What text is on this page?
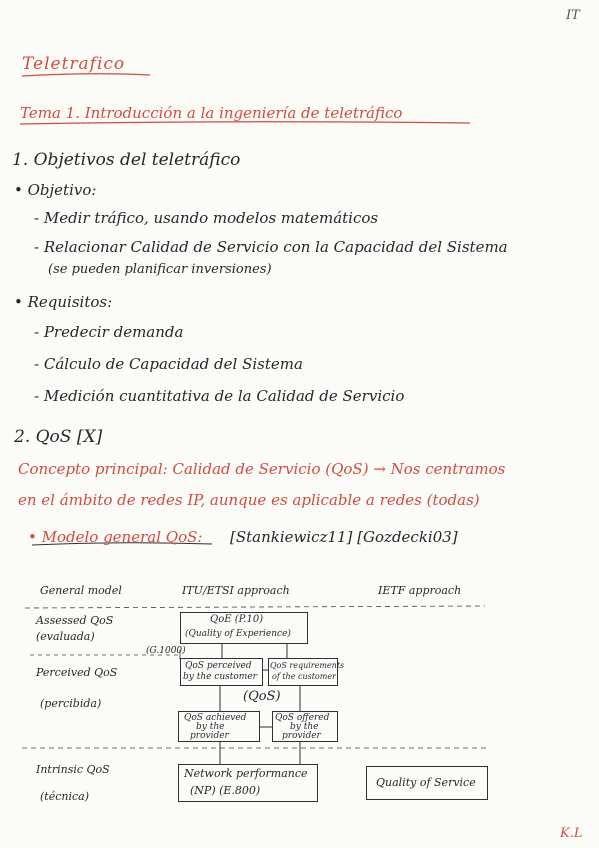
IT
Teletrafico
Tema 1. Introducción a la ingeniería de teletráfico
1. Objetivos del teletráfico
• Objetivo:
- Medir tráfico, usando modelos matemáticos
- Relacionar Calidad de Servicio con la Capacidad del Sistema
(se pueden planificar inversiones)
• Requisitos:
- Predecir demanda
- Cálculo de Capacidad del Sistema
- Medición cuantitativa de la Calidad de Servicio
2. QoS [X]
Concepto principal: Calidad de Servicio (QoS) → Nos centramos
en el ámbito de redes IP, aunque es aplicable a redes (todas)
• Modelo general QoS: [Stankiewicz11] [Gozdecki03]
General model	ITU/ETSI approach	IETF approach
Assessed QoS
(evaluada)
Perceived QoS
(percibida)
Intrinsic QoS
(técnica)
(G.1000)
QoE (P.10)
(Quality of Experience)
QoS perceived
by the customer
QoS requirements
of the customer
(QoS)
QoS achieved
by the
provider
QoS offered
by the
provider
Network performance
(NP) (E.800)
Quality of Service
K.L
